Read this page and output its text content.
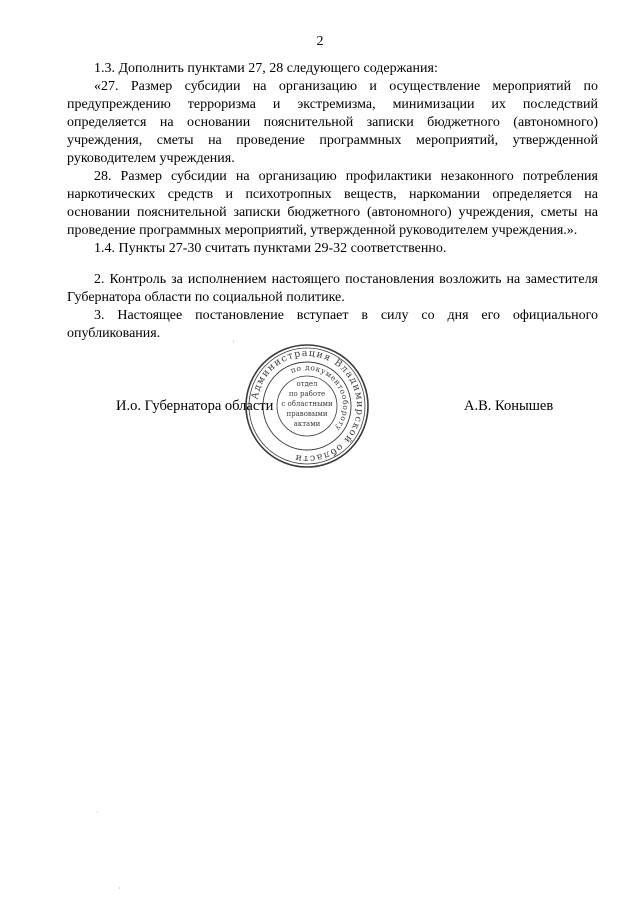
2

1.3. Дополнить пунктами 27, 28 следующего содержания:

«27. Размер субсидии на организацию и осуществление мероприятий по предупреждению терроризма и экстремизма, минимизации их последствий определяется на основании пояснительной записки бюджетного (автономного) учреждения, сметы на проведение программных мероприятий, утвержденной руководителем учреждения.

28. Размер субсидии на организацию профилактики незаконного потребления наркотических средств и психотропных веществ, наркомании определяется на основании пояснительной записки бюджетного (автономного) учреждения, сметы на проведение программных мероприятий, утвержденной руководителем учреждения.».

1.4. Пункты 27-30 считать пунктами 29-32 соответственно.

2. Контроль за исполнением настоящего постановления возложить на заместителя Губернатора области по социальной политике.

3. Настоящее постановление вступает в силу со дня его официального опубликования.

И.о. Губернатора области	А.В. Конышев
Администрация Владимирской области
по документообороту
отдел
по работе
с областными
правовыми
актами
'
·
·
